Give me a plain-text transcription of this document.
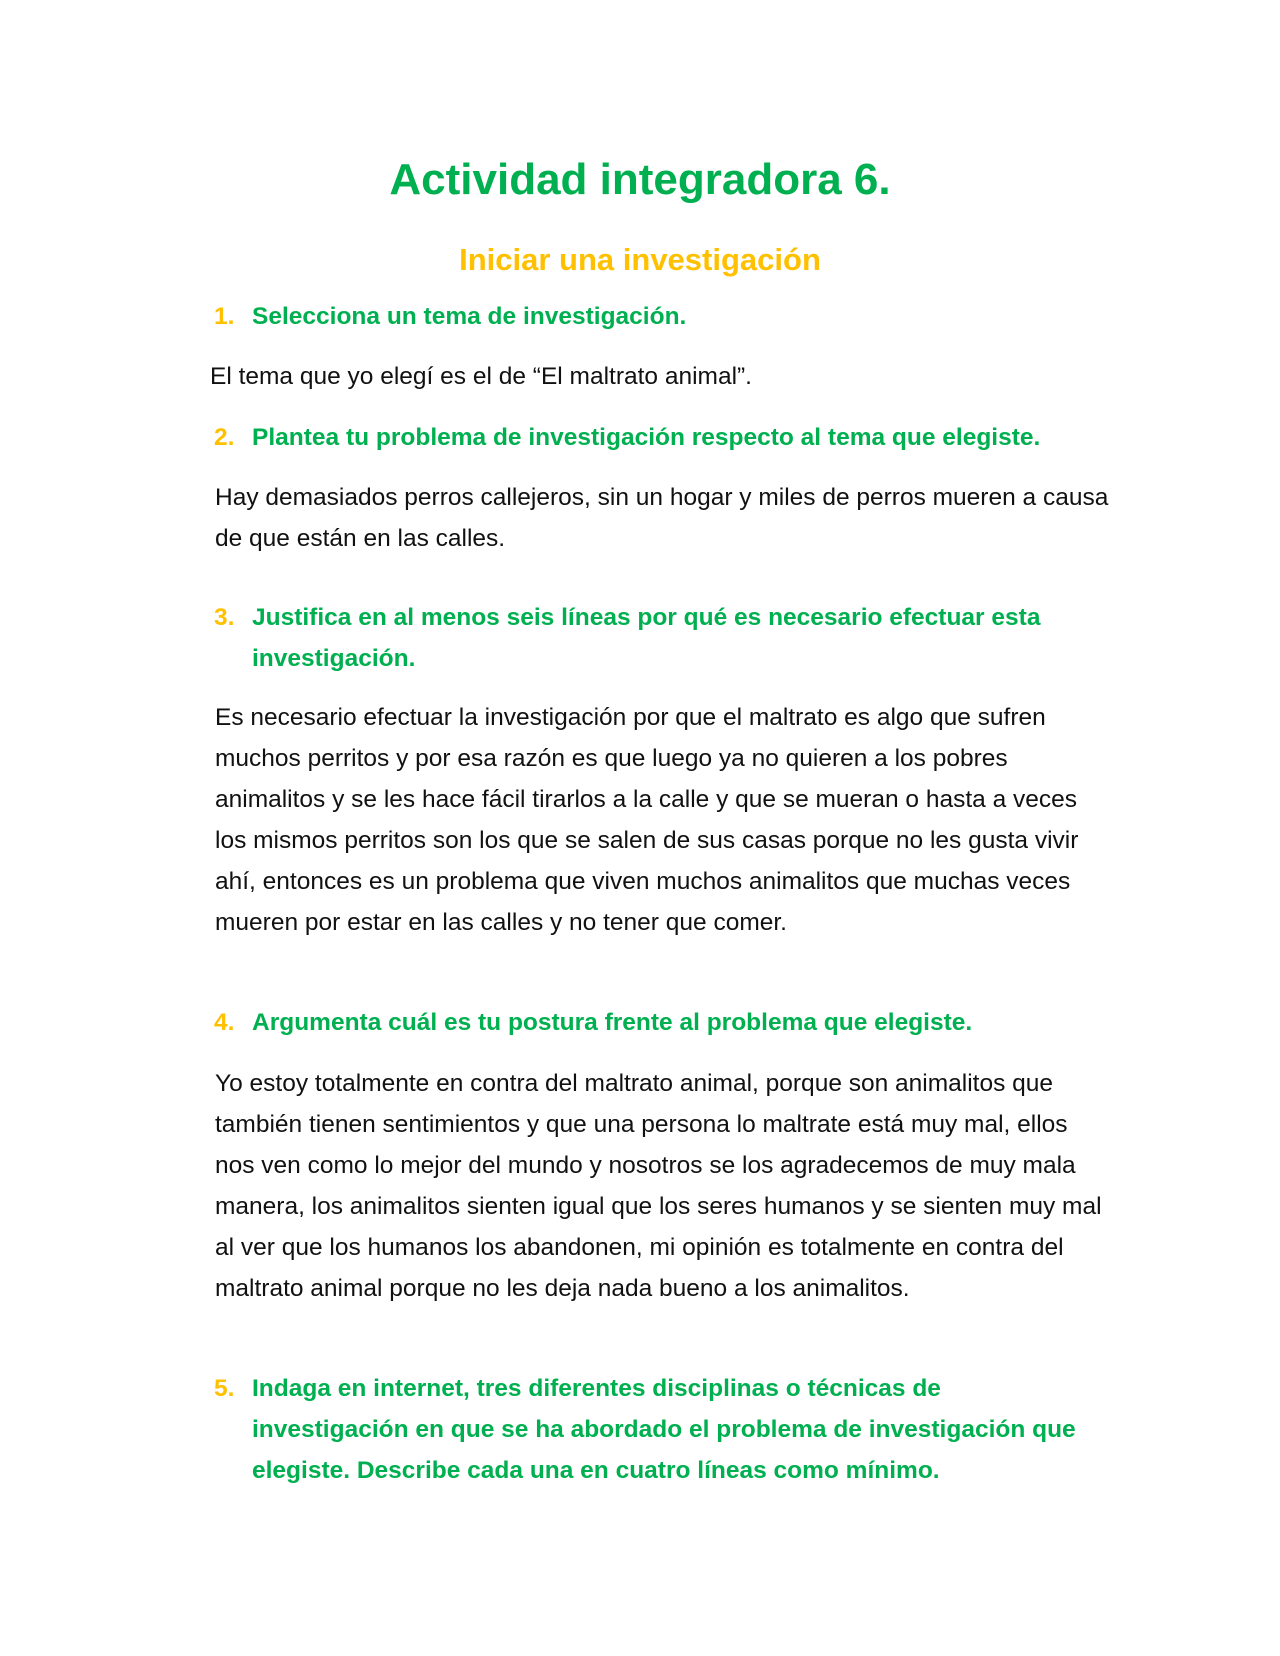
Actividad integradora 6.
Iniciar una investigación
1. Selecciona un tema de investigación.

El tema que yo elegí es el de “El maltrato animal”.

2. Plantea tu problema de investigación respecto al tema que elegiste.

Hay demasiados perros callejeros, sin un hogar y miles de perros mueren a causa de que están en las calles.

3. Justifica en al menos seis líneas por qué es necesario efectuar esta investigación.

Es necesario efectuar la investigación por que el maltrato es algo que sufren muchos perritos y por esa razón es que luego ya no quieren a los pobres animalitos y se les hace fácil tirarlos a la calle y que se mueran o hasta a veces los mismos perritos son los que se salen de sus casas porque no les gusta vivir ahí, entonces es un problema que viven muchos animalitos que muchas veces mueren por estar en las calles y no tener que comer.

4. Argumenta cuál es tu postura frente al problema que elegiste.

Yo estoy totalmente en contra del maltrato animal, porque son animalitos que también tienen sentimientos y que una persona lo maltrate está muy mal, ellos nos ven como lo mejor del mundo y nosotros se los agradecemos de muy mala manera, los animalitos sienten igual que los seres humanos y se sienten muy mal al ver que los humanos los abandonen, mi opinión es totalmente en contra del maltrato animal porque no les deja nada bueno a los animalitos.

5. Indaga en internet, tres diferentes disciplinas o técnicas de investigación en que se ha abordado el problema de investigación que elegiste. Describe cada una en cuatro líneas como mínimo.
